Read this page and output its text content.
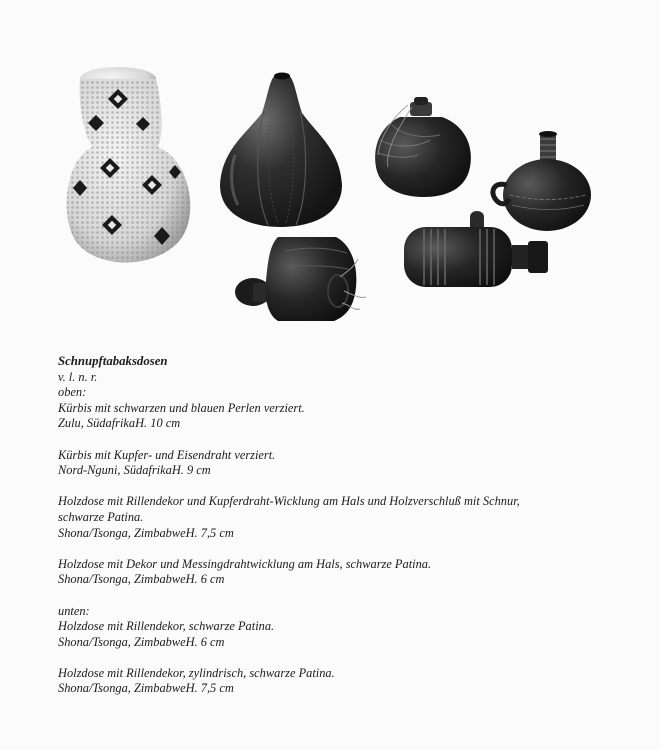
Schnupftabaksdosen
v. l. n. r.
oben:
Kürbis mit schwarzen und blauen Perlen verziert.
Zulu, SüdafrikaH. 10 cm
Kürbis mit Kupfer- und Eisendraht verziert.
Nord-Nguni, SüdafrikaH. 9 cm
Holzdose mit Rillendekor und Kupferdraht-Wicklung am Hals und Holzverschluß mit Schnur,
schwarze Patina.
Shona/Tsonga, ZimbabweH. 7,5 cm
Holzdose mit Dekor und Messingdrahtwicklung am Hals, schwarze Patina.
Shona/Tsonga, ZimbabweH. 6 cm
unten:
Holzdose mit Rillendekor, schwarze Patina.
Shona/Tsonga, ZimbabweH. 6 cm
Holzdose mit Rillendekor, zylindrisch, schwarze Patina.
Shona/Tsonga, ZimbabweH. 7,5 cm
